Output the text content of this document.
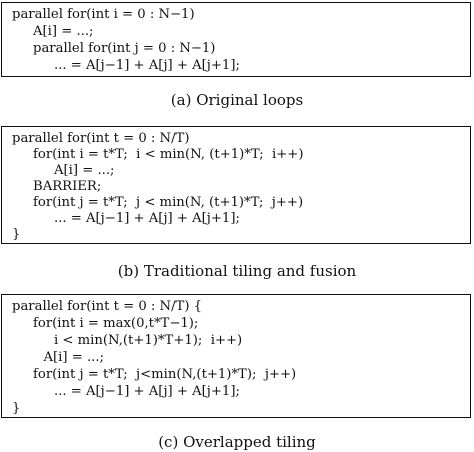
parallel for(int i = 0 : N−1)
A[i] = ...;
parallel for(int j = 0 : N−1)
... = A[j−1] + A[j] + A[j+1];
(a) Original loops
parallel for(int t = 0 : N/T)
for(int i = t*T;  i < min(N, (t+1)*T;  i++)
A[i] = ...;
BARRIER;
for(int j = t*T;  j < min(N, (t+1)*T;  j++)
... = A[j−1] + A[j] + A[j+1];
}
(b) Traditional tiling and fusion
parallel for(int t = 0 : N/T) {
for(int i = max(0,t*T−1);
i < min(N,(t+1)*T+1);  i++)
A[i] = ...;
for(int j = t*T;  j<min(N,(t+1)*T);  j++)
... = A[j−1] + A[j] + A[j+1];
}
(c) Overlapped tiling
